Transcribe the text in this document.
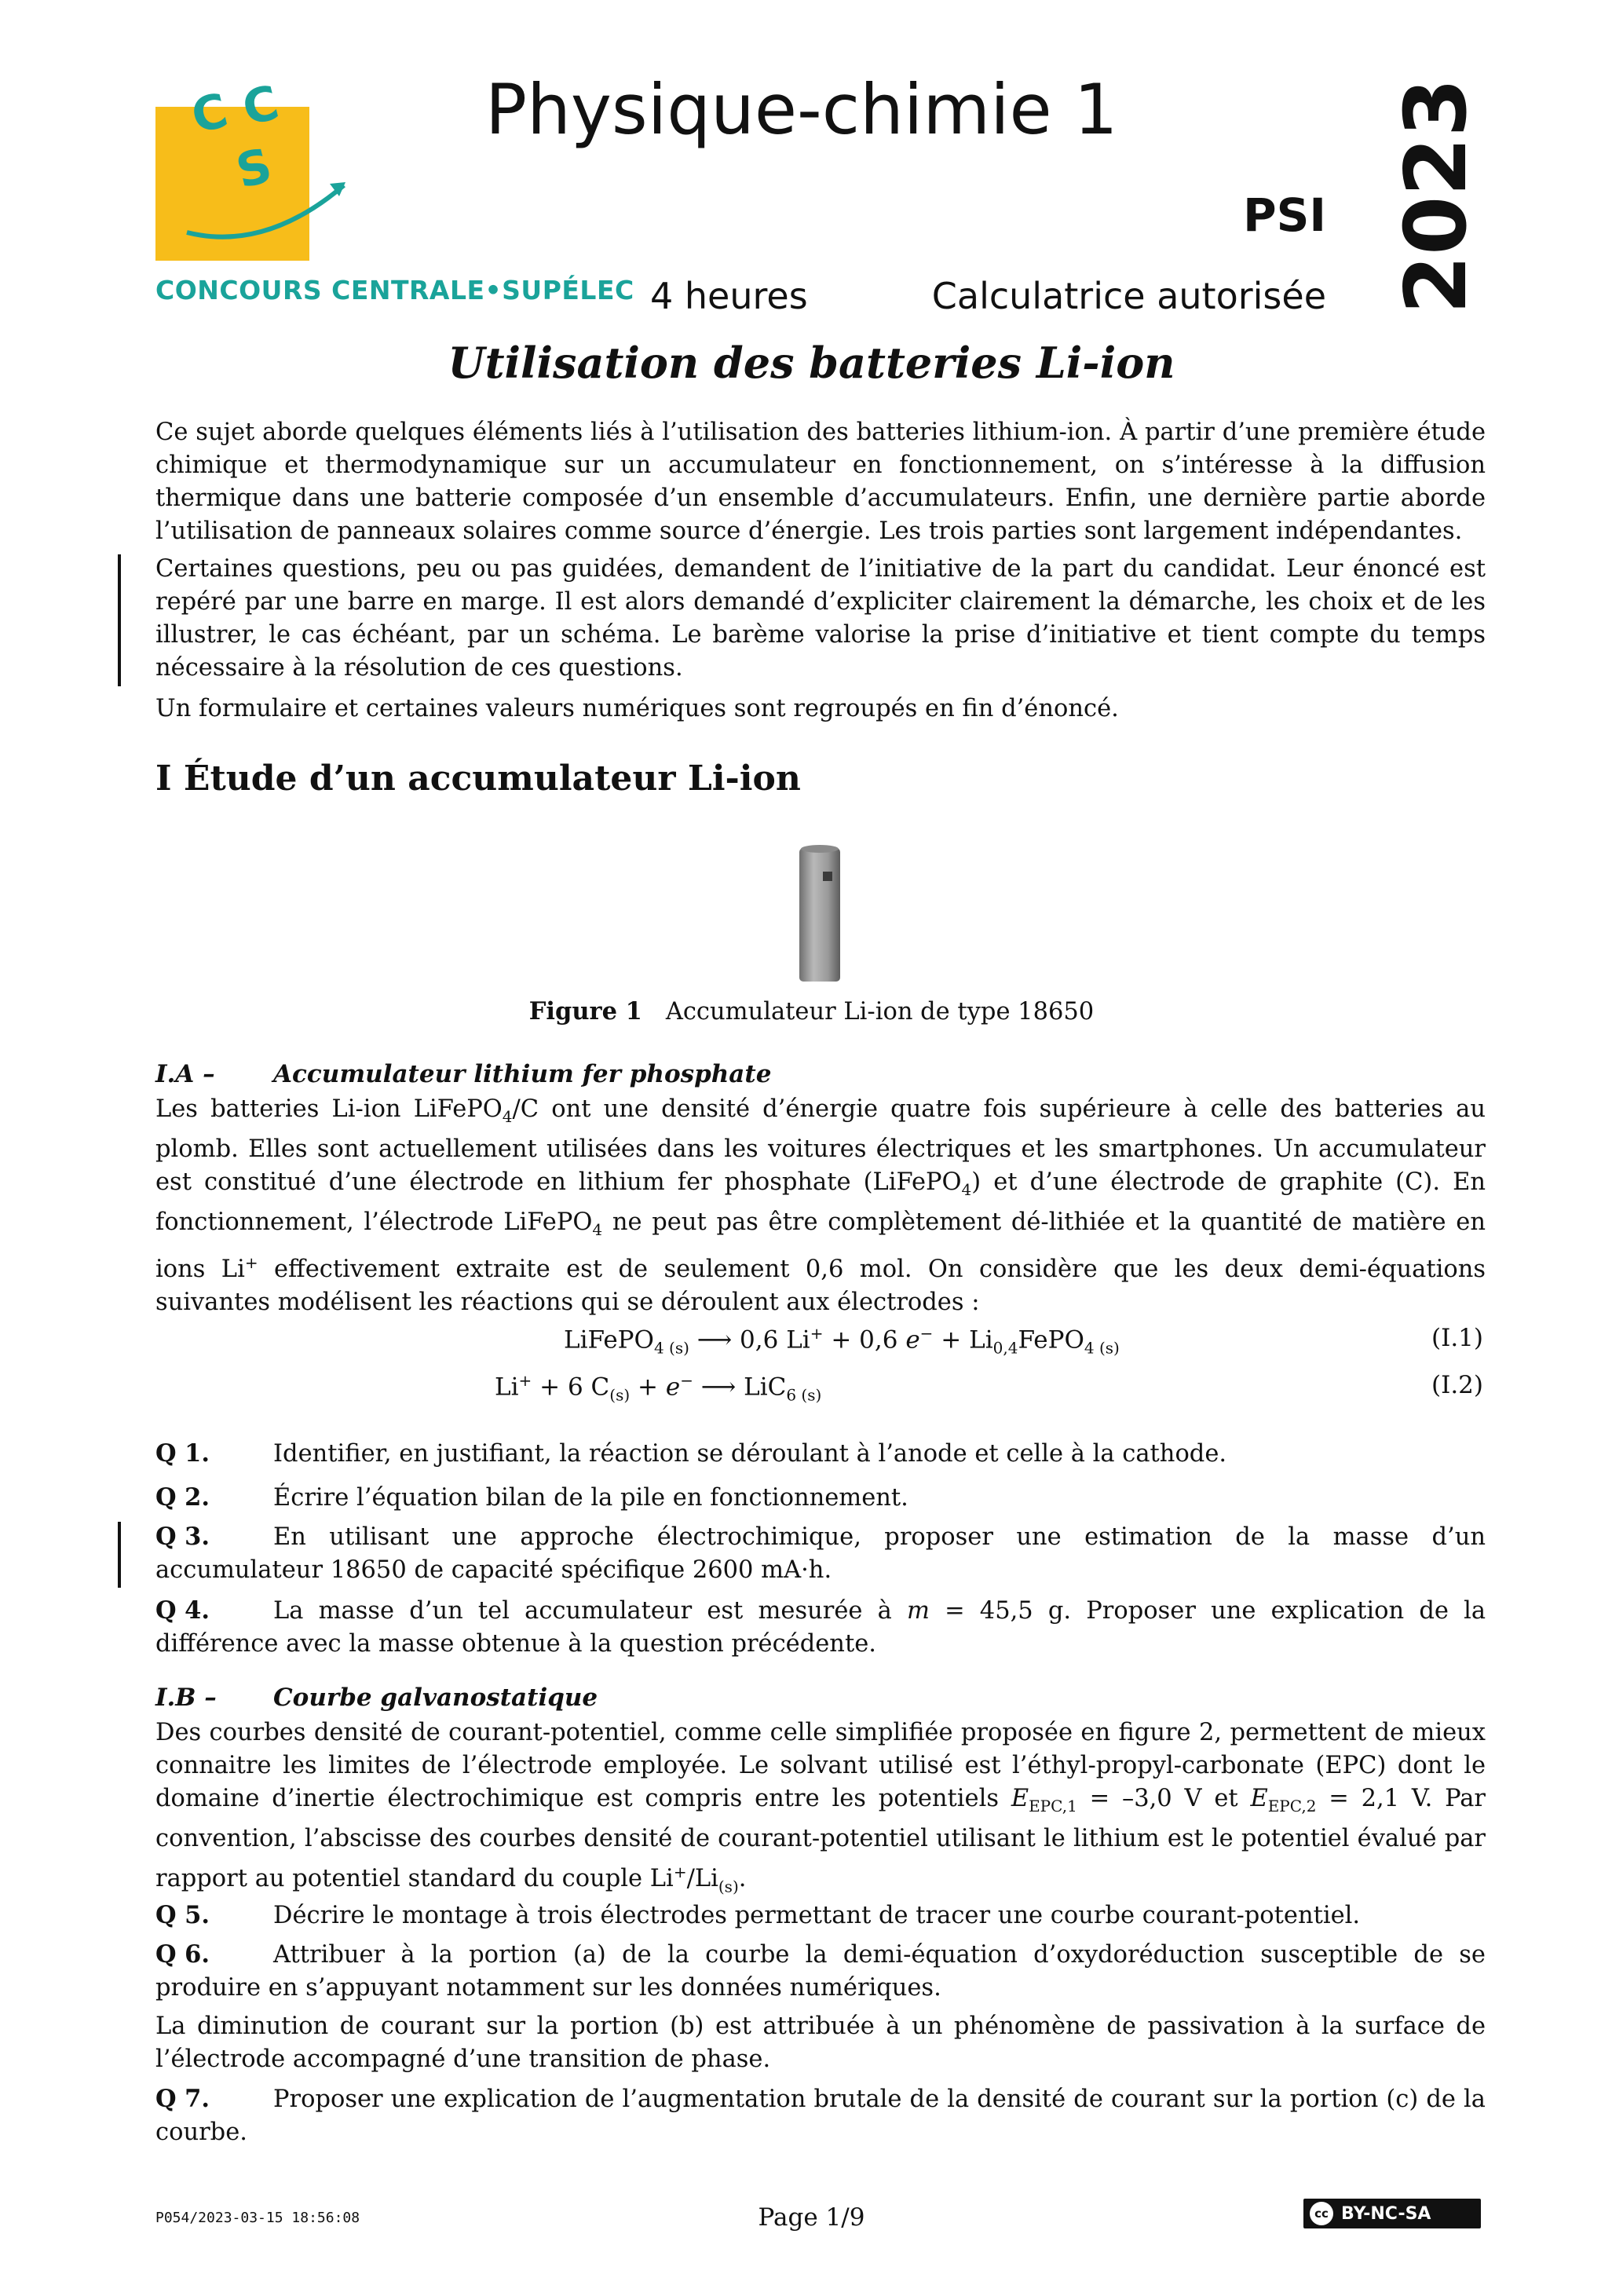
C C
S
CONCOURS CENTRALE•SUPÉLEC
Physique-chimie 1
PSI 2023
4 heures	Calculatrice autorisée
Utilisation des batteries Li-ion
Ce sujet aborde quelques éléments liés à l’utilisation des batteries lithium-ion. À partir d’une première étude chimique et thermodynamique sur un accumulateur en fonctionnement, on s’intéresse à la diffusion thermique dans une batterie composée d’un ensemble d’accumulateurs. Enfin, une dernière partie aborde l’utilisation de panneaux solaires comme source d’énergie. Les trois parties sont largement indépendantes.
Certaines questions, peu ou pas guidées, demandent de l’initiative de la part du candidat. Leur énoncé est repéré par une barre en marge. Il est alors demandé d’expliciter clairement la démarche, les choix et de les illustrer, le cas échéant, par un schéma. Le barème valorise la prise d’initiative et tient compte du temps nécessaire à la résolution de ces questions.
Un formulaire et certaines valeurs numériques sont regroupés en fin d’énoncé.
I Étude d’un accumulateur Li-ion
Figure 1 Accumulateur Li-ion de type 18650
I.A – Accumulateur lithium fer phosphate
Les batteries Li-ion LiFePO$_4$/C ont une densité d’énergie quatre fois supérieure à celle des batteries au plomb. Elles sont actuellement utilisées dans les voitures électriques et les smartphones. Un accumulateur est constitué d’une électrode en lithium fer phosphate (LiFePO$_4$) et d’une électrode de graphite (C). En fonctionnement, l’électrode LiFePO$_4$ ne peut pas être complètement dé-lithiée et la quantité de matière en ions Li+ effectivement extraite est de seulement 0,6 mol. On considère que les deux demi-équations suivantes modélisent les réactions qui se déroulent aux électrodes :
LiFePO$_{4 (s)}$ ⟶ 0,6 Li+ + 0,6 $e^- + Li_{0,4}FePO_{4 (s)}$	(I.1)
Li+ + 6 $C_{(s)} + e^-$ ⟶ LiC$_{6 (s)}$	(I.2)
Q 1.	Identifier, en justifiant, la réaction se déroulant à l’anode et celle à la cathode.
Q 2.	Écrire l’équation bilan de la pile en fonctionnement.
Q 3.	En utilisant une approche électrochimique, proposer une estimation de la masse d’un accumulateur 18650 de capacité spécifique 2600 mA·h.
Q 4.	La masse d’un tel accumulateur est mesurée à m = 45,5 g. Proposer une explication de la différence avec la masse obtenue à la question précédente.
I.B – Courbe galvanostatique
Des courbes densité de courant-potentiel, comme celle simplifiée proposée en figure 2, permettent de mieux connaitre les limites de l’électrode employée. Le solvant utilisé est l’éthyl-propyl-carbonate (EPC) dont le domaine d’inertie électrochimique est compris entre les potentiels $E_{EPC,1} = -3,0$ V et $E_{EPC,2} = 2,1$ V. Par convention, l’abscisse des courbes densité de courant-potentiel utilisant le lithium est le potentiel évalué par rapport au potentiel standard du couple $Li^+/Li_{(s)}$.
Q 5.	Décrire le montage à trois électrodes permettant de tracer une courbe courant-potentiel.
Q 6.	Attribuer à la portion (a) de la courbe la demi-équation d’oxydoréduction susceptible de se produire en s’appuyant notamment sur les données numériques.
La diminution de courant sur la portion (b) est attribuée à un phénomène de passivation à la surface de l’électrode accompagné d’une transition de phase.
Q 7.	Proposer une explication de l’augmentation brutale de la densité de courant sur la portion (c) de la courbe.
P054/2023-03-15 18:56:08	Page 1/9	cc BY-NC-SA
